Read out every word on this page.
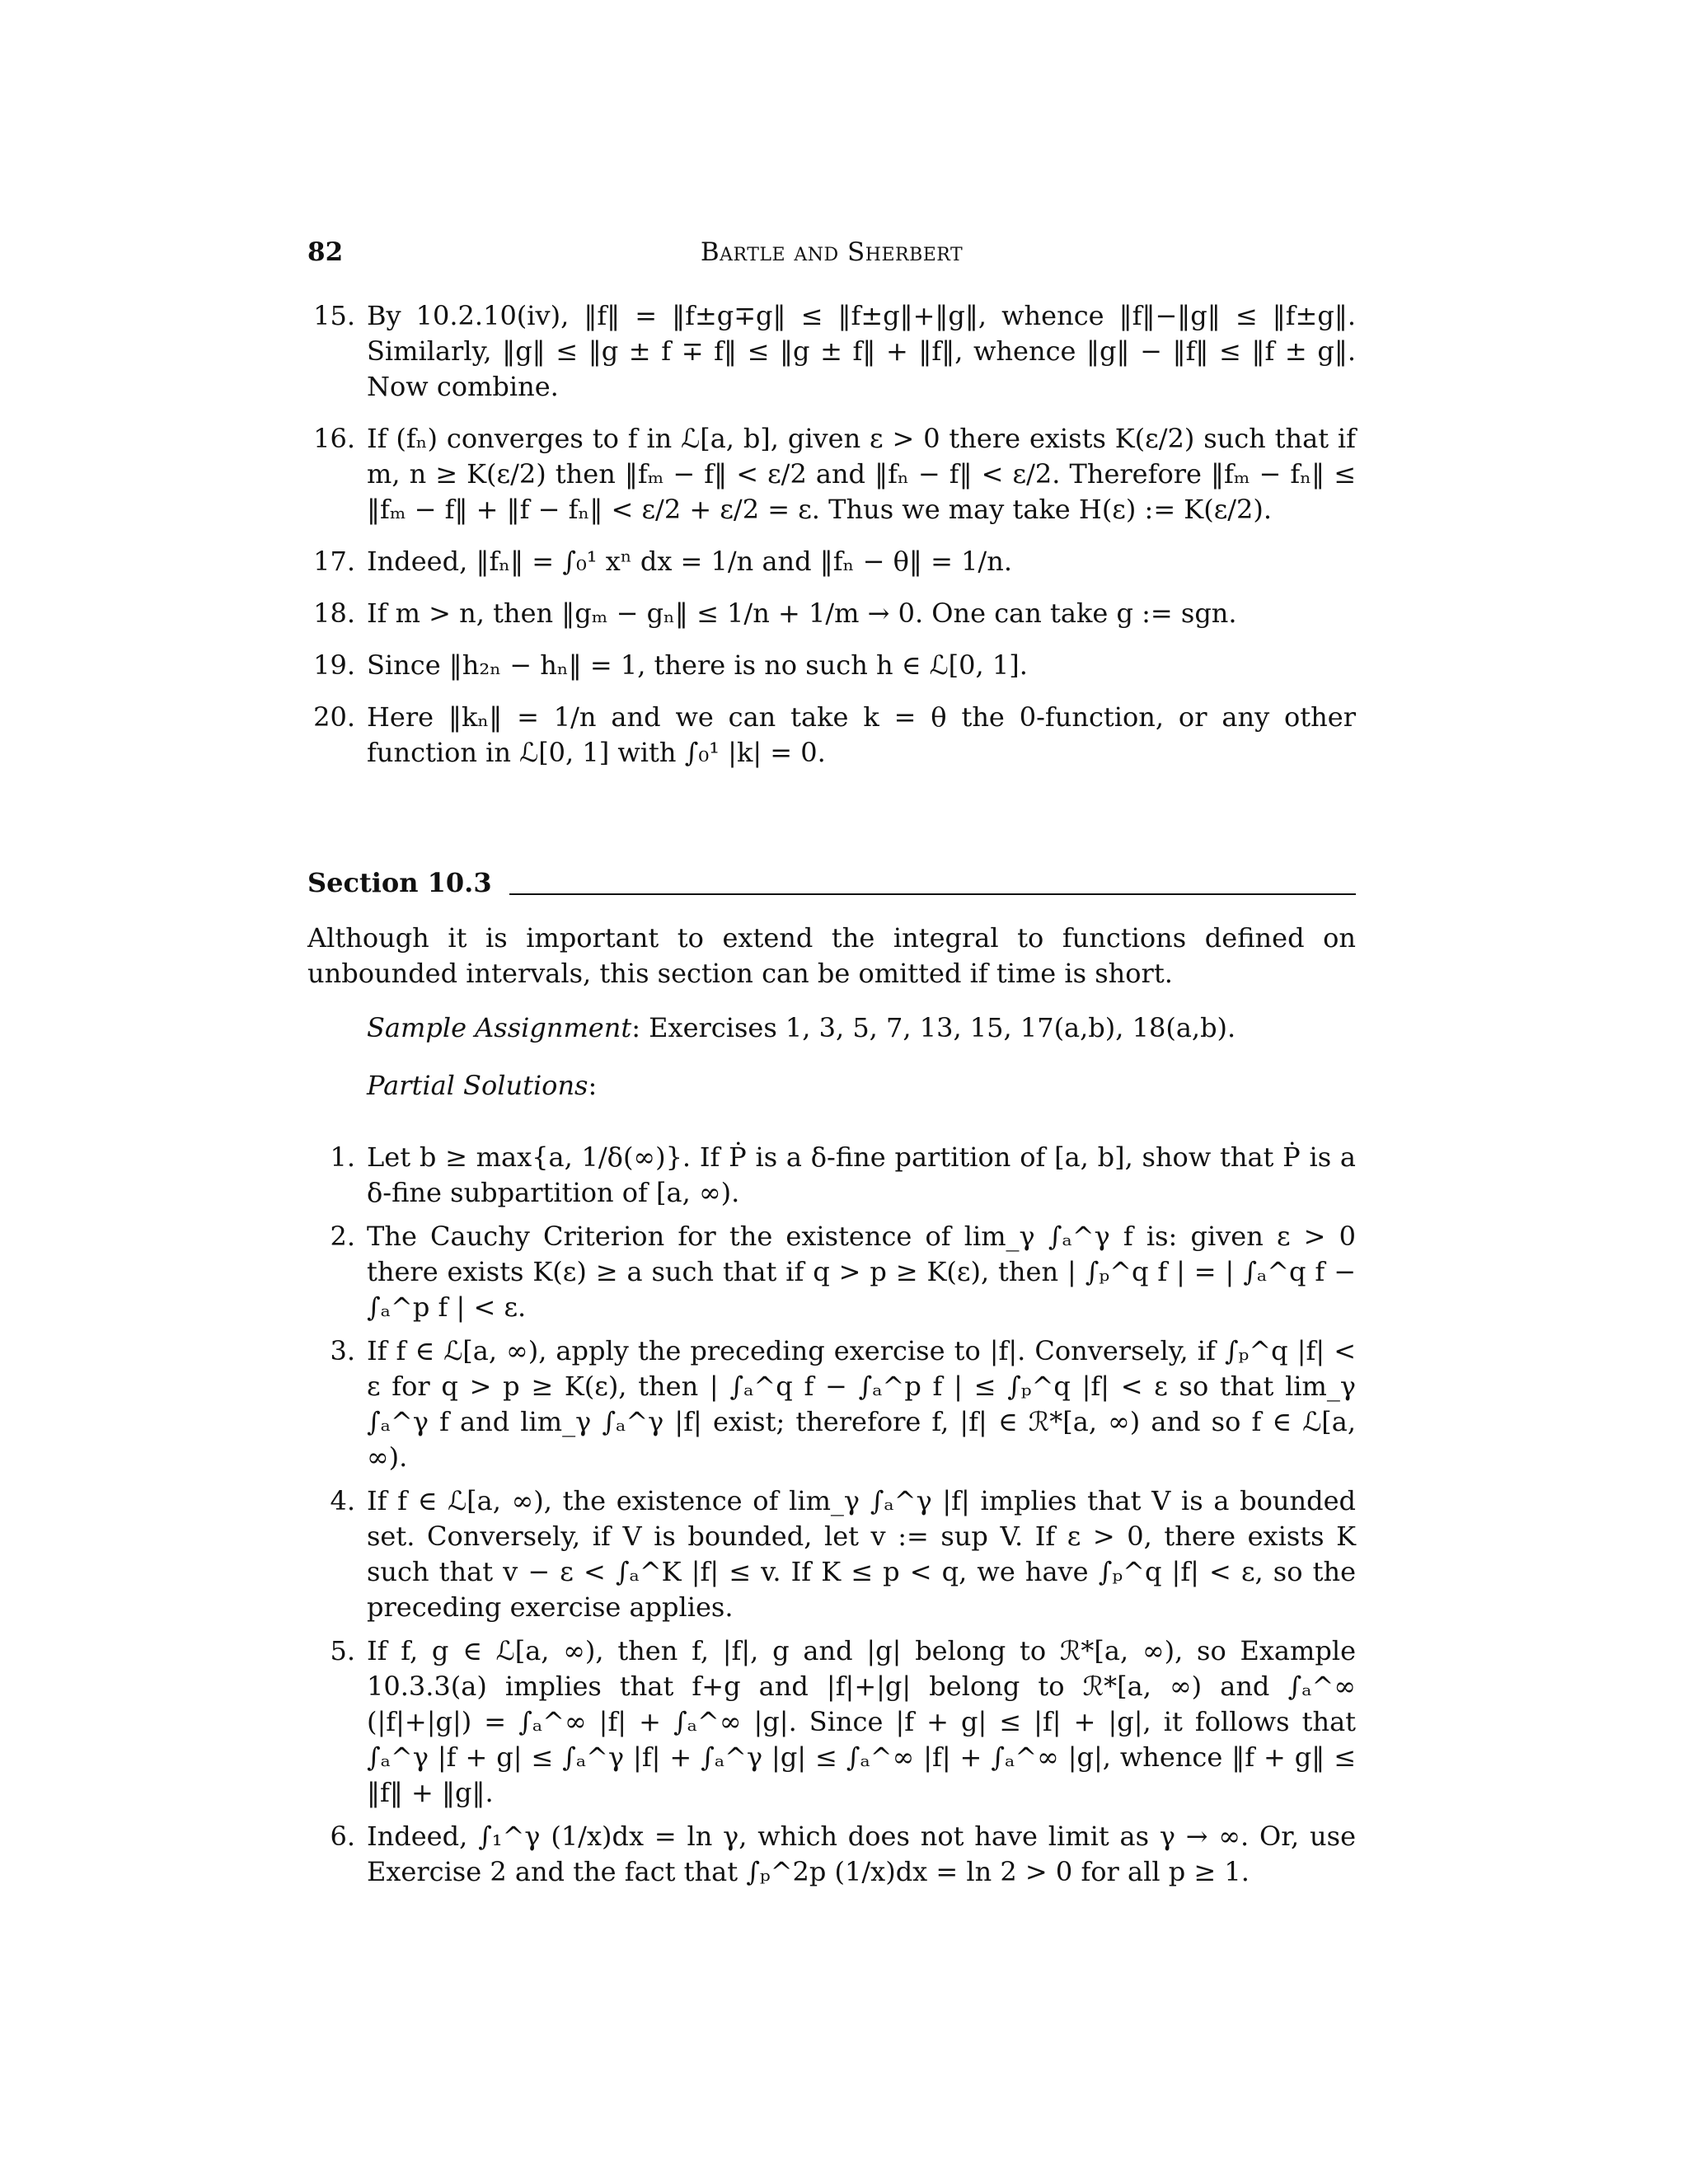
82	Bartle and Sherbert
15. By 10.2.10(iv), ‖f‖ = ‖f±g∓g‖ ≤ ‖f±g‖+‖g‖, whence ‖f‖−‖g‖ ≤ ‖f±g‖. Similarly, ‖g‖ ≤ ‖g ± f ∓ f‖ ≤ ‖g ± f‖ + ‖f‖, whence ‖g‖ − ‖f‖ ≤ ‖f ± g‖. Now combine.
16. If (fₙ) converges to f in ℒ[a, b], given ε > 0 there exists K(ε/2) such that if m, n ≥ K(ε/2) then ‖fₘ − f‖ < ε/2 and ‖fₙ − f‖ < ε/2. Therefore ‖fₘ − fₙ‖ ≤ ‖fₘ − f‖ + ‖f − fₙ‖ < ε/2 + ε/2 = ε. Thus we may take H(ε) := K(ε/2).
17. Indeed, ‖fₙ‖ = ∫₀¹ xⁿ dx = 1/n and ‖fₙ − θ‖ = 1/n.
18. If m > n, then ‖gₘ − gₙ‖ ≤ 1/n + 1/m → 0. One can take g := sgn.
19. Since ‖h₂ₙ − hₙ‖ = 1, there is no such h ∈ ℒ[0, 1].
20. Here ‖kₙ‖ = 1/n and we can take k = θ the 0-function, or any other function in ℒ[0, 1] with ∫₀¹ |k| = 0.
Section 10.3
Although it is important to extend the integral to functions defined on unbounded intervals, this section can be omitted if time is short.
Sample Assignment: Exercises 1, 3, 5, 7, 13, 15, 17(a,b), 18(a,b).
Partial Solutions:
1. Let b ≥ max{a, 1/δ(∞)}. If Ṗ is a δ-fine partition of [a, b], show that Ṗ is a δ-fine subpartition of [a, ∞).
2. The Cauchy Criterion for the existence of lim_γ ∫ₐ^γ f is: given ε > 0 there exists K(ε) ≥ a such that if q > p ≥ K(ε), then | ∫ₚ^q f | = | ∫ₐ^q f − ∫ₐ^p f | < ε.
3. If f ∈ ℒ[a, ∞), apply the preceding exercise to |f|. Conversely, if ∫ₚ^q |f| < ε for q > p ≥ K(ε), then | ∫ₐ^q f − ∫ₐ^p f | ≤ ∫ₚ^q |f| < ε so that lim_γ ∫ₐ^γ f and lim_γ ∫ₐ^γ |f| exist; therefore f, |f| ∈ ℛ*[a, ∞) and so f ∈ ℒ[a, ∞).
4. If f ∈ ℒ[a, ∞), the existence of lim_γ ∫ₐ^γ |f| implies that V is a bounded set. Conversely, if V is bounded, let v := sup V. If ε > 0, there exists K such that v − ε < ∫ₐ^K |f| ≤ v. If K ≤ p < q, we have ∫ₚ^q |f| < ε, so the preceding exercise applies.
5. If f, g ∈ ℒ[a, ∞), then f, |f|, g and |g| belong to ℛ*[a, ∞), so Example 10.3.3(a) implies that f+g and |f|+|g| belong to ℛ*[a, ∞) and ∫ₐ^∞ (|f|+|g|) = ∫ₐ^∞ |f| + ∫ₐ^∞ |g|. Since |f + g| ≤ |f| + |g|, it follows that ∫ₐ^γ |f + g| ≤ ∫ₐ^γ |f| + ∫ₐ^γ |g| ≤ ∫ₐ^∞ |f| + ∫ₐ^∞ |g|, whence ‖f + g‖ ≤ ‖f‖ + ‖g‖.
6. Indeed, ∫₁^γ (1/x)dx = ln γ, which does not have limit as γ → ∞. Or, use Exercise 2 and the fact that ∫ₚ^2p (1/x)dx = ln 2 > 0 for all p ≥ 1.
